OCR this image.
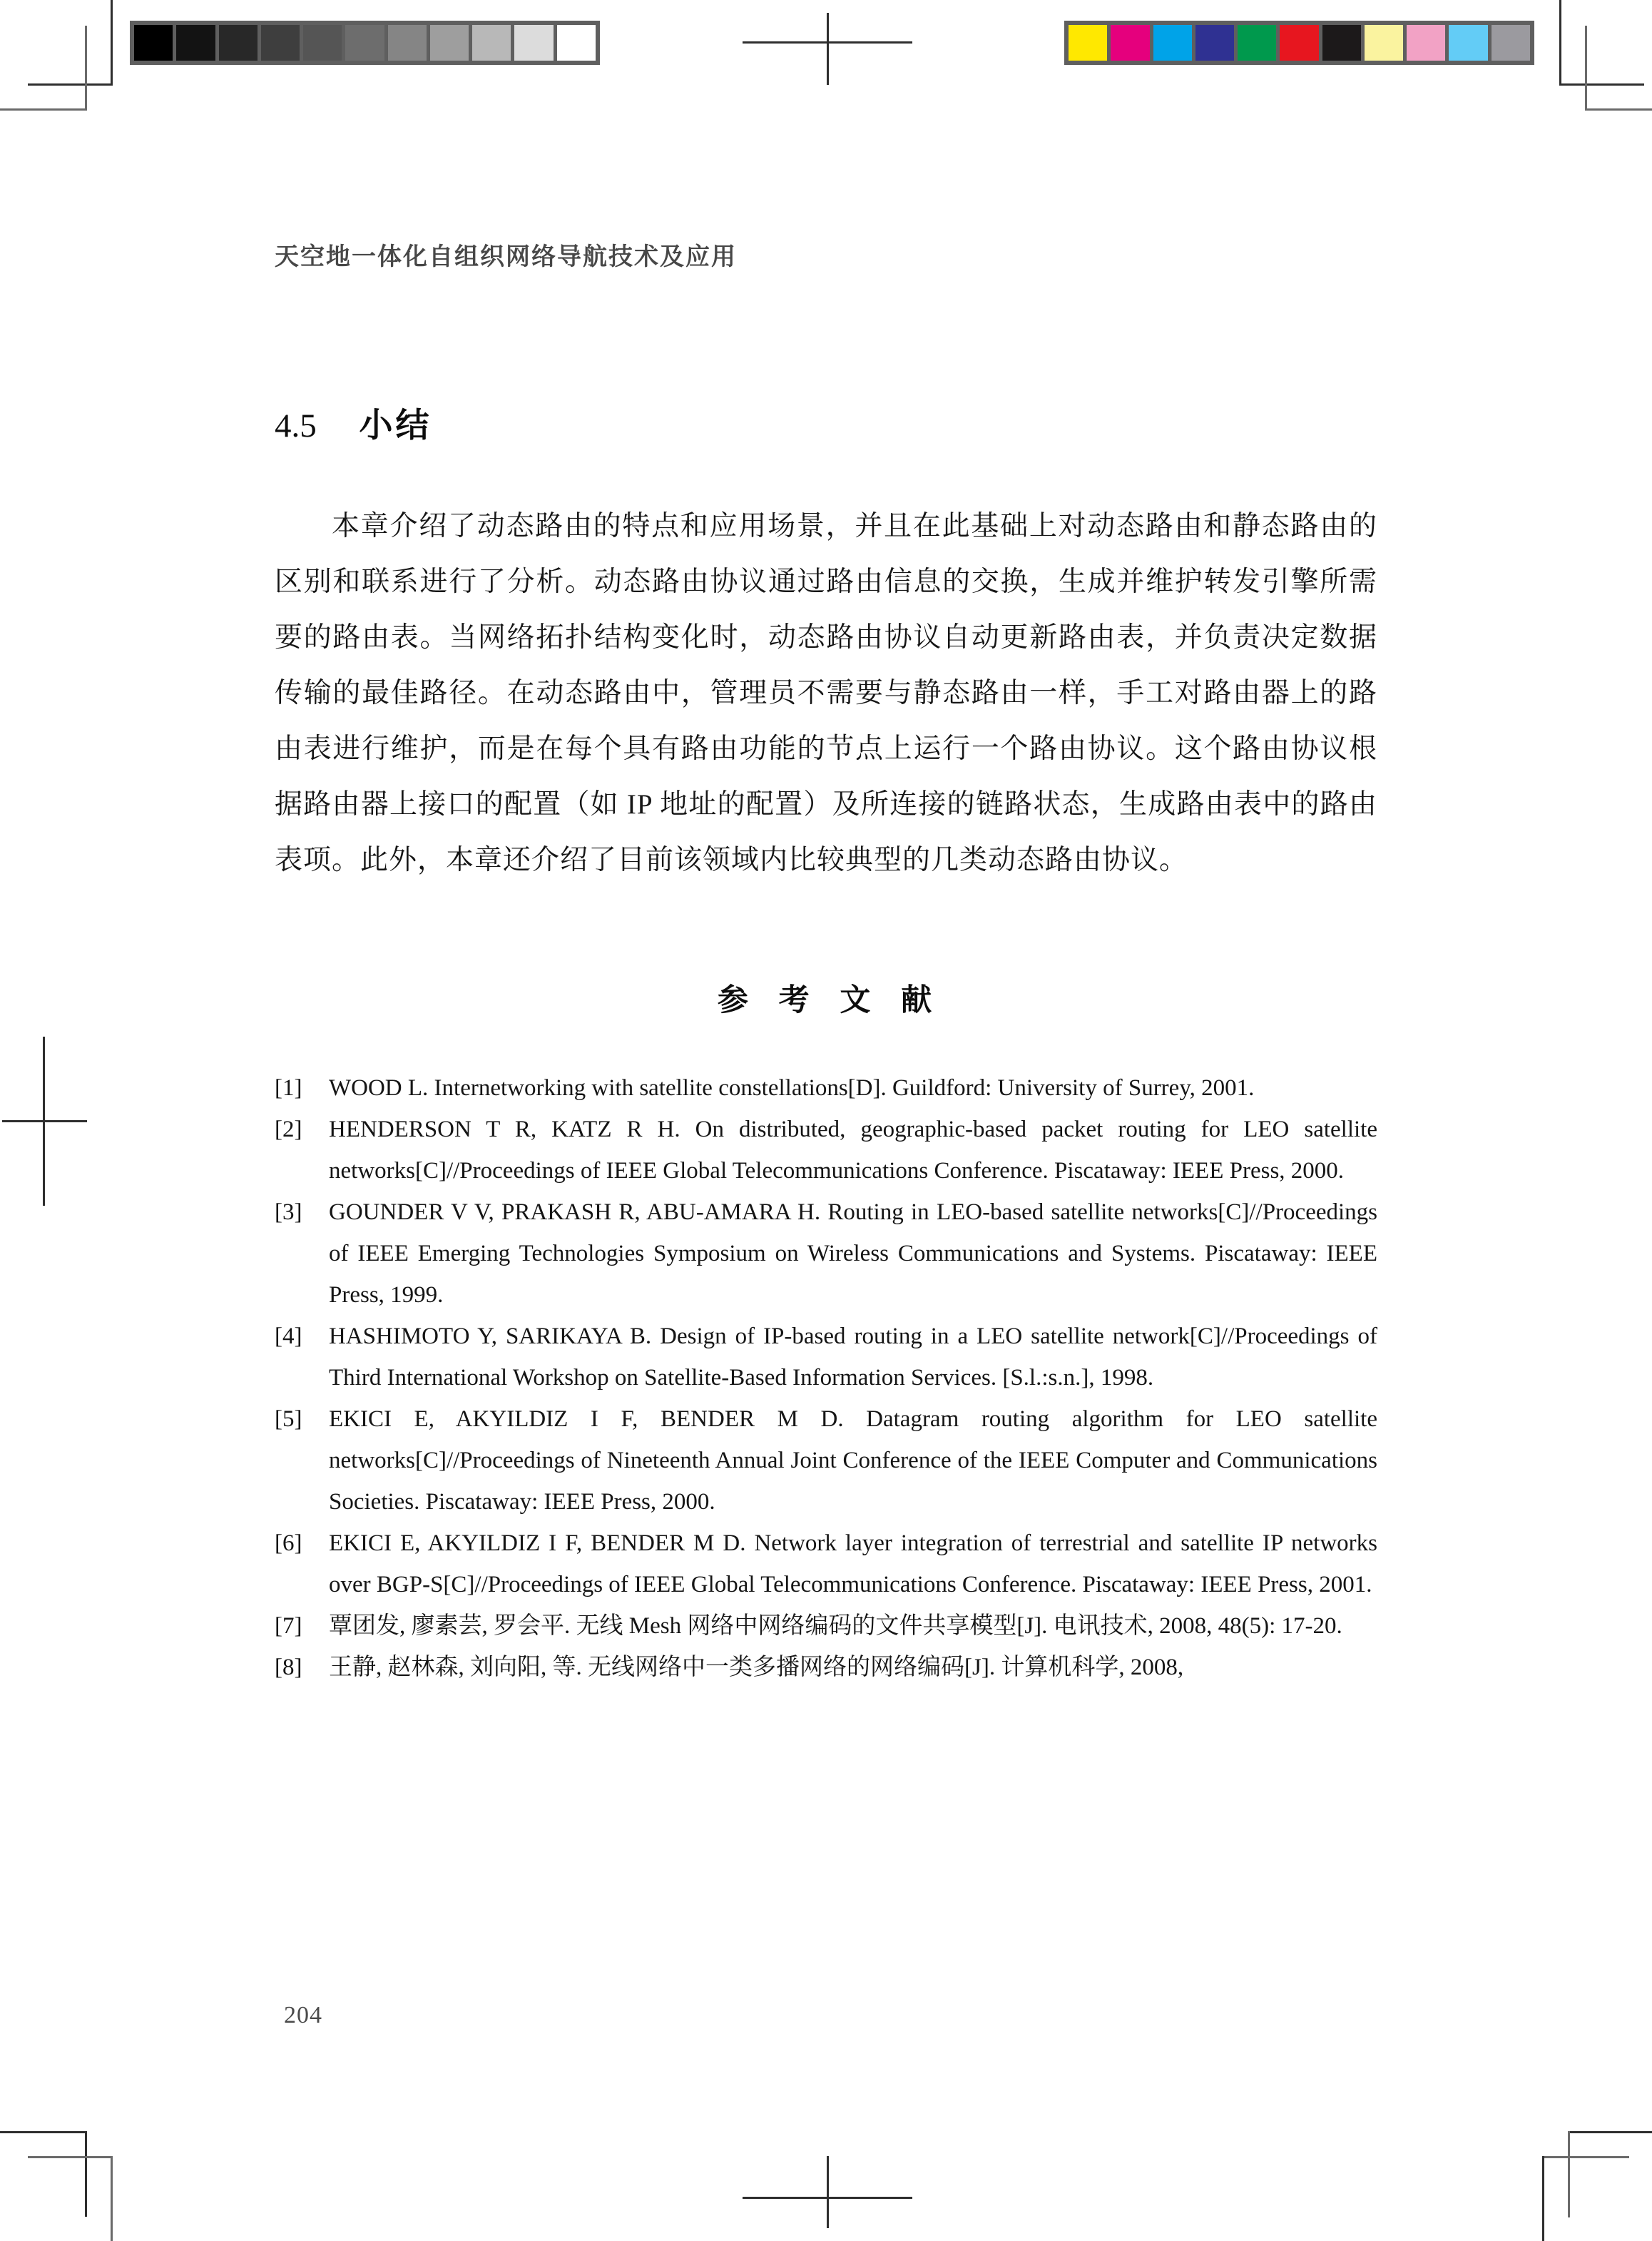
天空地一体化自组织网络导航技术及应用
4.5 小结
本章介绍了动态路由的特点和应用场景，并且在此基础上对动态路由和静态路由的区别和联系进行了分析。动态路由协议通过路由信息的交换，生成并维护转发引擎所需要的路由表。当网络拓扑结构变化时，动态路由协议自动更新路由表，并负责决定数据传输的最佳路径。在动态路由中，管理员不需要与静态路由一样，手工对路由器上的路由表进行维护，而是在每个具有路由功能的节点上运行一个路由协议。这个路由协议根据路由器上接口的配置（如 IP 地址的配置）及所连接的链路状态，生成路由表中的路由表项。此外，本章还介绍了目前该领域内比较典型的几类动态路由协议。
参 考 文 献
[1]	WOOD L. Internetworking with satellite constellations[D]. Guildford: University of Surrey, 2001.
[2]	HENDERSON T R, KATZ R H. On distributed, geographic-based packet routing for LEO satellite networks[C]//Proceedings of IEEE Global Telecommunications Conference. Piscataway: IEEE Press, 2000.
[3]	GOUNDER V V, PRAKASH R, ABU-AMARA H. Routing in LEO-based satellite networks[C]//Proceedings of IEEE Emerging Technologies Symposium on Wireless Communications and Systems. Piscataway: IEEE Press, 1999.
[4]	HASHIMOTO Y, SARIKAYA B. Design of IP-based routing in a LEO satellite network[C]//Proceedings of Third International Workshop on Satellite-Based Information Services. [S.l.:s.n.], 1998.
[5]	EKICI E, AKYILDIZ I F, BENDER M D. Datagram routing algorithm for LEO satellite networks[C]//Proceedings of Nineteenth Annual Joint Conference of the IEEE Computer and Communications Societies. Piscataway: IEEE Press, 2000.
[6]	EKICI E, AKYILDIZ I F, BENDER M D. Network layer integration of terrestrial and satellite IP networks over BGP-S[C]//Proceedings of IEEE Global Telecommunications Conference. Piscataway: IEEE Press, 2001.
[7]	覃团发, 廖素芸, 罗会平. 无线 Mesh 网络中网络编码的文件共享模型[J]. 电讯技术, 2008, 48(5): 17-20.
[8]	王静, 赵林森, 刘向阳, 等. 无线网络中一类多播网络的网络编码[J]. 计算机科学, 2008,
204
